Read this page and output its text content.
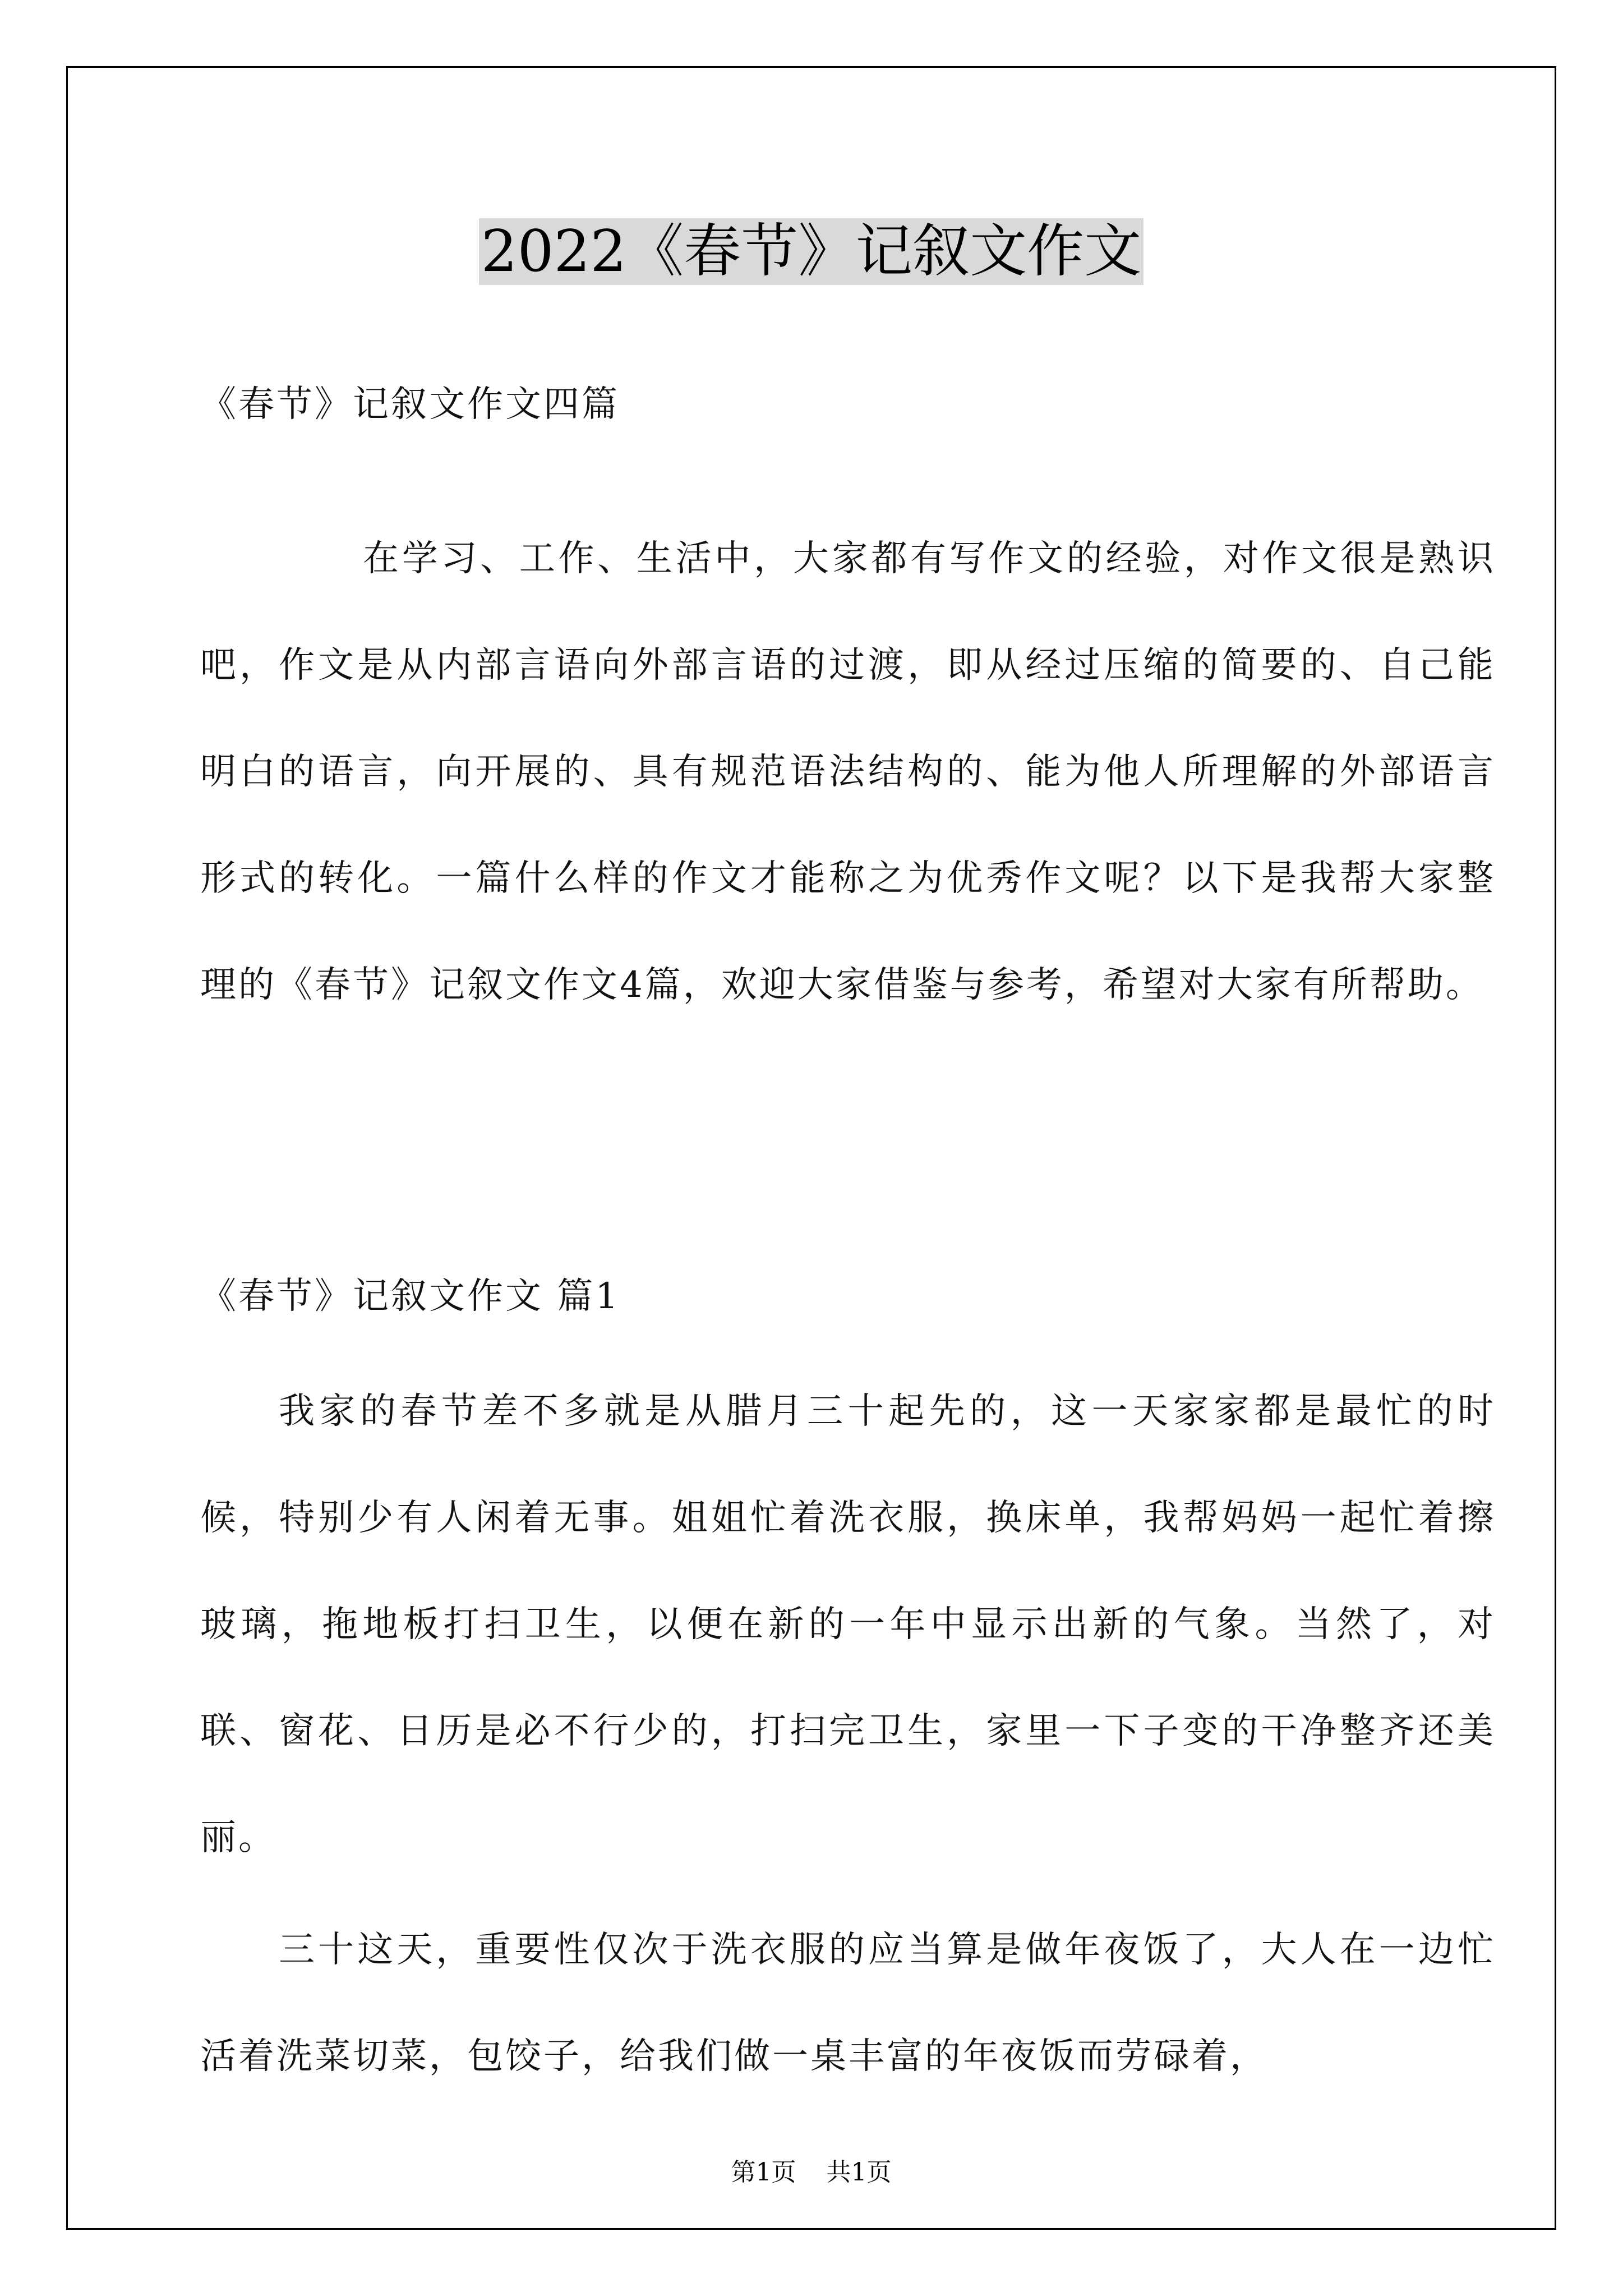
2022《春节》记叙文作文
《春节》记叙文作文四篇
在学习、工作、生活中，大家都有写作文的经验，对作文很是熟识吧，作文是从内部言语向外部言语的过渡，即从经过压缩的简要的、自己能明白的语言，向开展的、具有规范语法结构的、能为他人所理解的外部语言形式的转化。一篇什么样的作文才能称之为优秀作文呢？以下是我帮大家整理的《春节》记叙文作文4篇，欢迎大家借鉴与参考，希望对大家有所帮助。
《春节》记叙文作文 篇1
我家的春节差不多就是从腊月三十起先的，这一天家家都是最忙的时候，特别少有人闲着无事。姐姐忙着洗衣服，换床单，我帮妈妈一起忙着擦玻璃，拖地板打扫卫生，以便在新的一年中显示出新的气象。当然了，对联、窗花、日历是必不行少的，打扫完卫生，家里一下子变的干净整齐还美丽。
三十这天，重要性仅次于洗衣服的应当算是做年夜饭了，大人在一边忙活着洗菜切菜，包饺子，给我们做一桌丰富的年夜饭而劳碌着，
第1页 共1页
